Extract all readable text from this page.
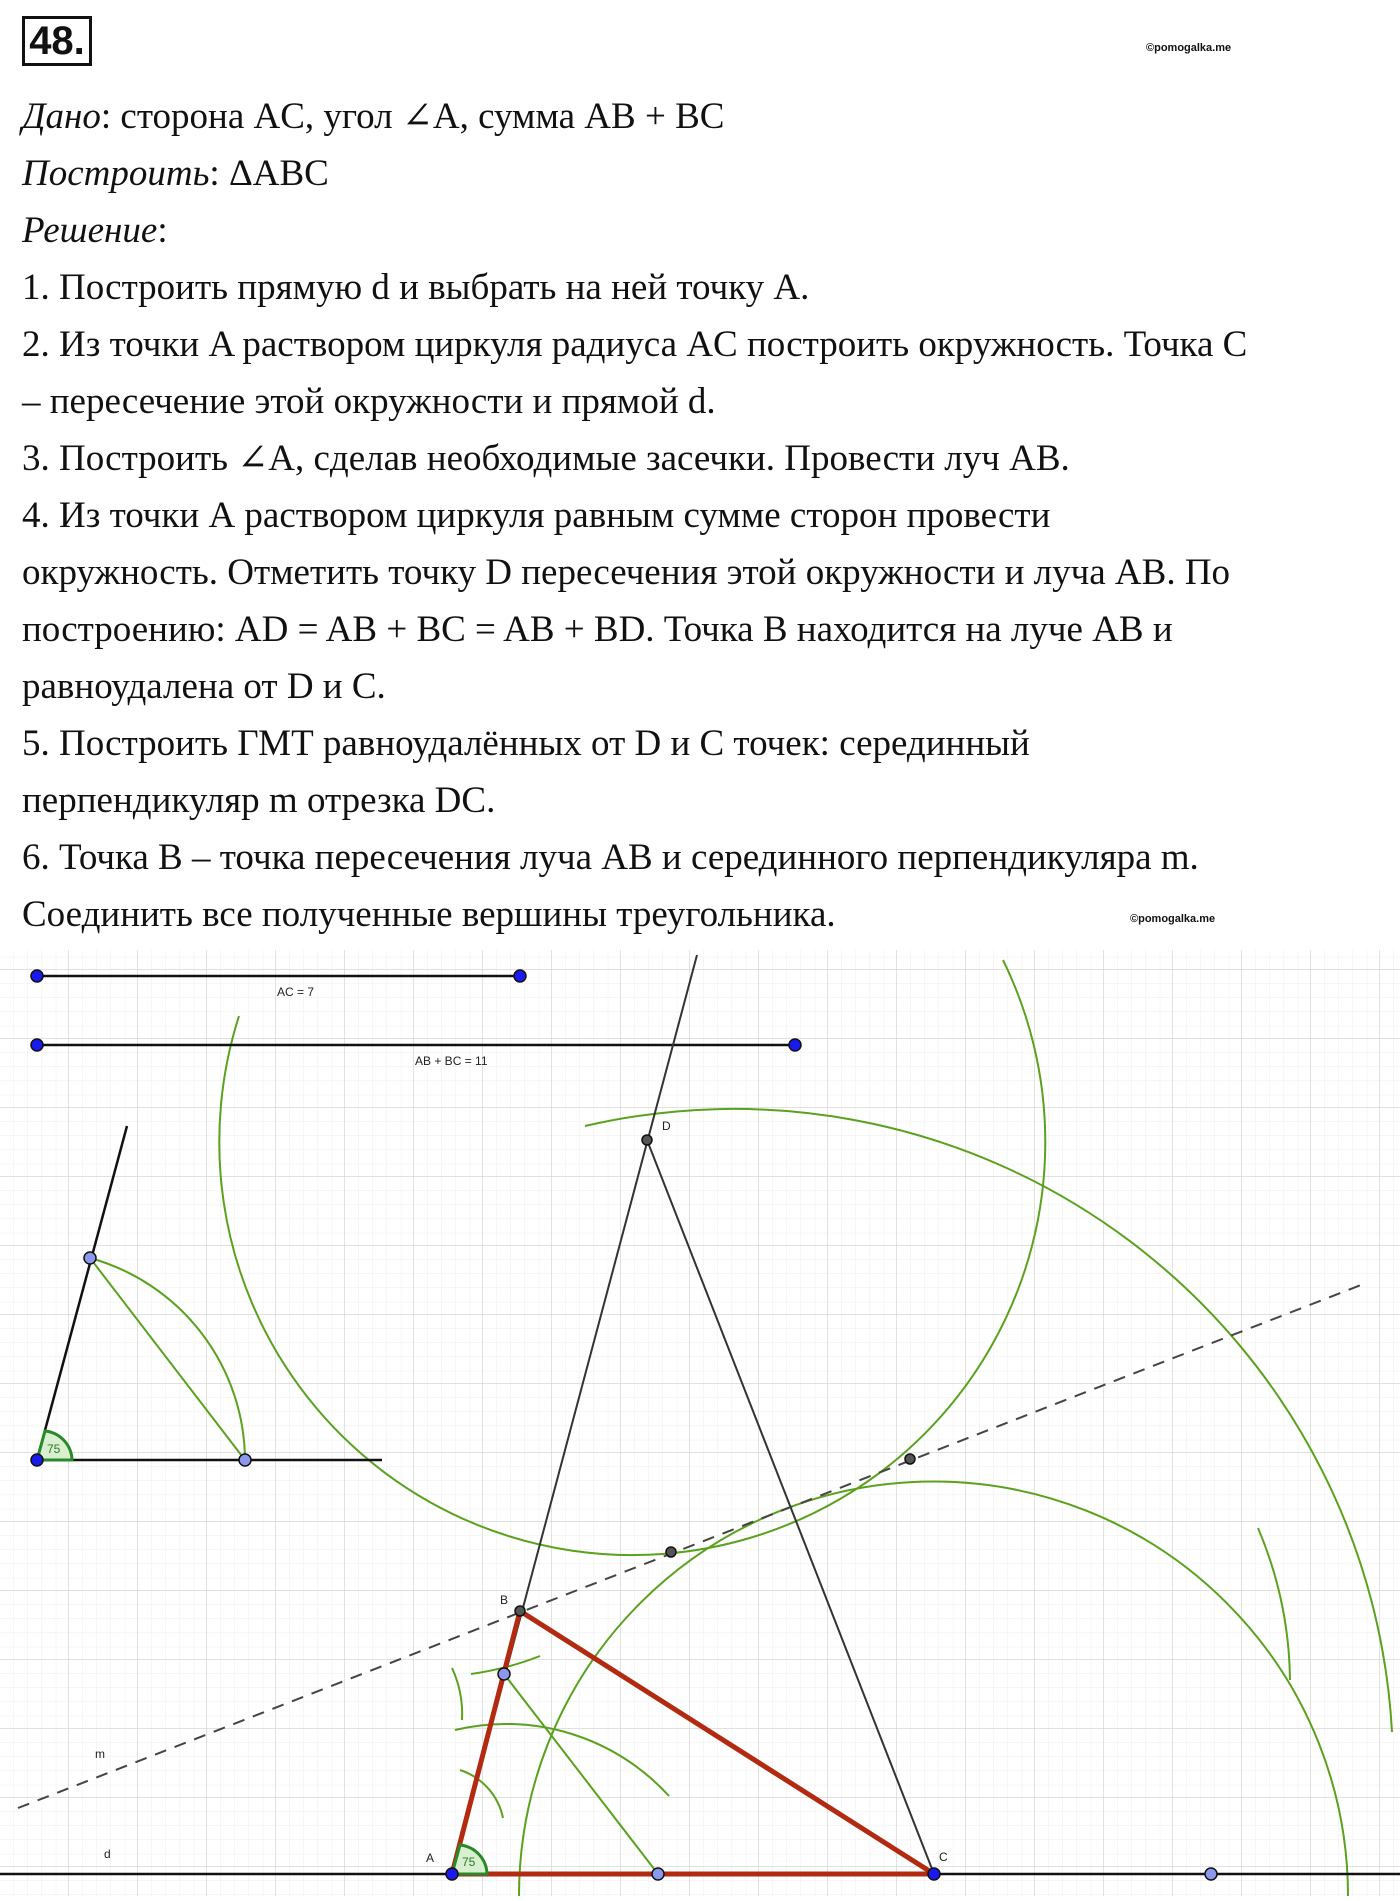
48.	©pomogalka.me

Дано: сторона AC, угол ∠A, сумма AB + BC

Построить: ΔABC

Решение:

1. Построить прямую d и выбрать на ней точку A.

2. Из точки A раствором циркуля радиуса AC построить окружность. Точка C

– пересечение этой окружности и прямой d.

3. Построить ∠A, сделав необходимые засечки. Провести луч AB.

4. Из точки А раствором циркуля равным сумме сторон провести

окружность. Отметить точку D пересечения этой окружности и луча AB. По

построению: AD = AB + BC = AB + BD. Точка B находится на луче AB и

равноудалена от D и C.

5. Построить ГМТ равноудалённых от D и C точек: серединный

перпендикуляр m отрезка DC.

6. Точка B – точка пересечения луча AB и серединного перпендикуляра m.

Соединить все полученные вершины треугольника.	©pomogalka.me
AC = 7
AB + BC = 11
75
75
A
B
C
D
d
m
